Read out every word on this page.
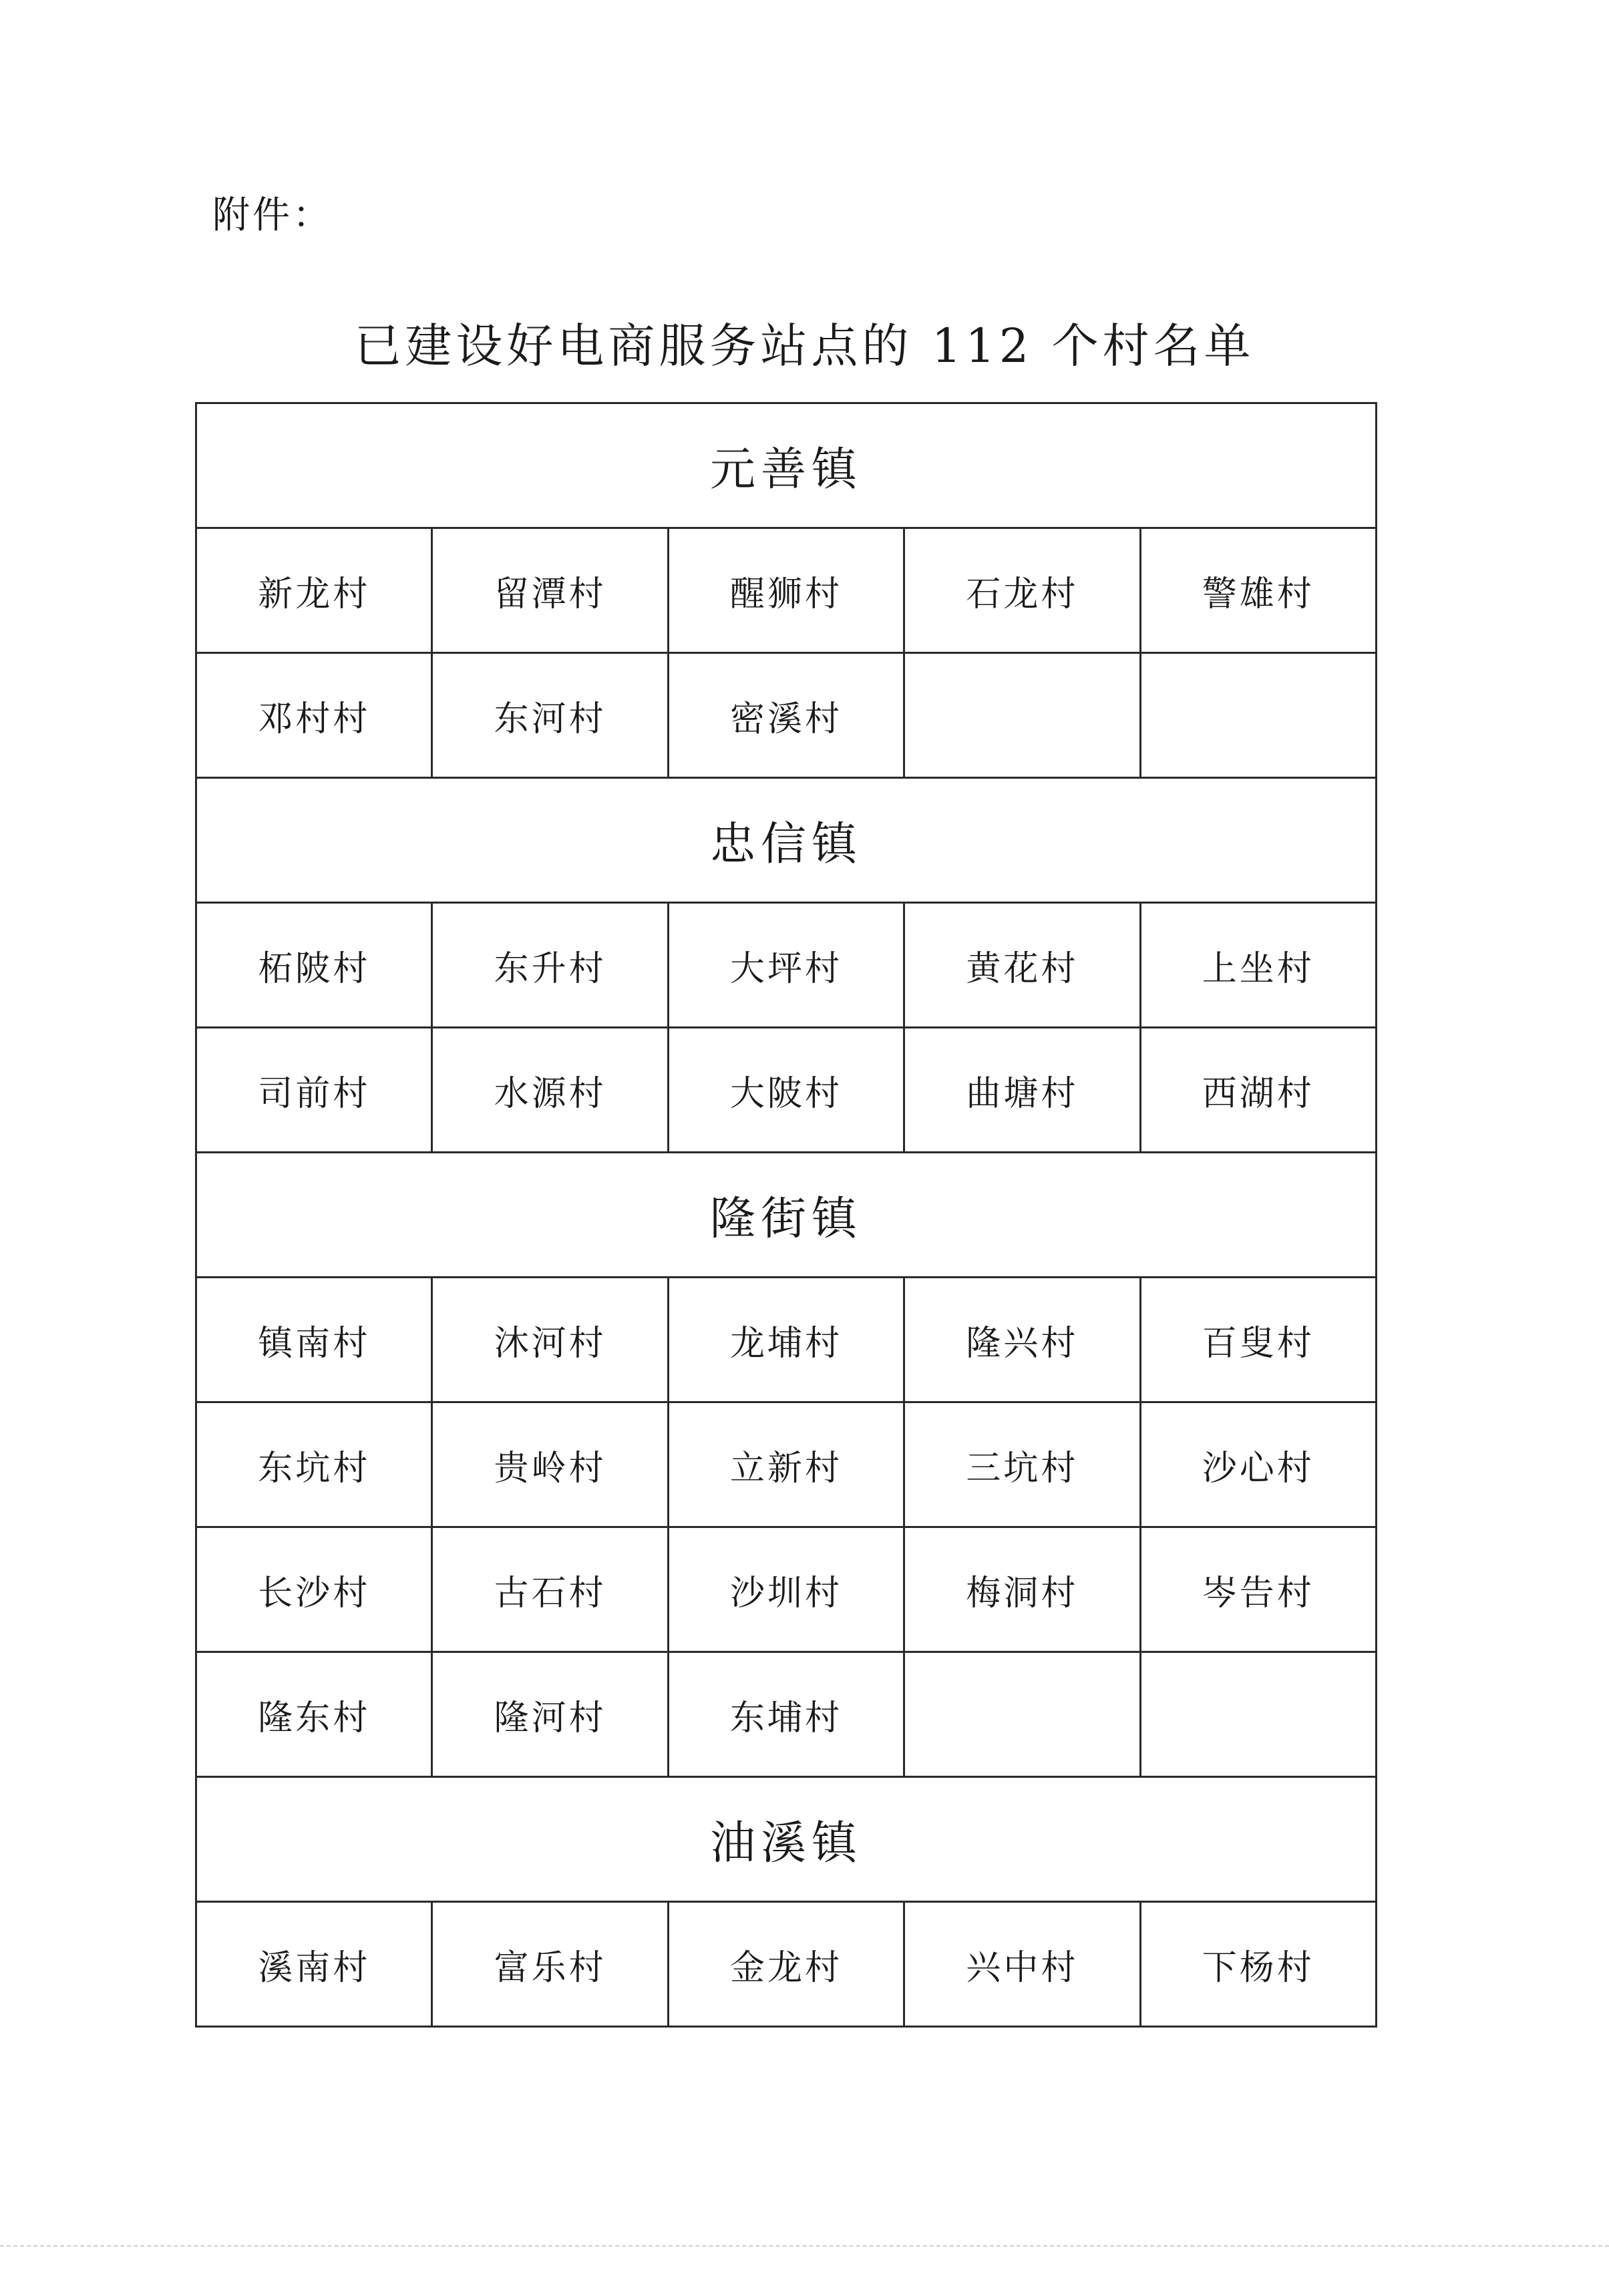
附件：
已建设好电商服务站点的 112 个村名单
元善镇				
新龙村	留潭村	醒狮村	石龙村	警雄村
邓村村	东河村	密溪村		
忠信镇				
柘陂村	东升村	大坪村	黄花村	上坐村
司前村	水源村	大陂村	曲塘村	西湖村
隆街镇				
镇南村	沐河村	龙埔村	隆兴村	百叟村
东坑村	贵岭村	立新村	三坑村	沙心村
长沙村	古石村	沙圳村	梅洞村	岑告村
隆东村	隆河村	东埔村		
油溪镇				
溪南村	富乐村	金龙村	兴中村	下杨村
